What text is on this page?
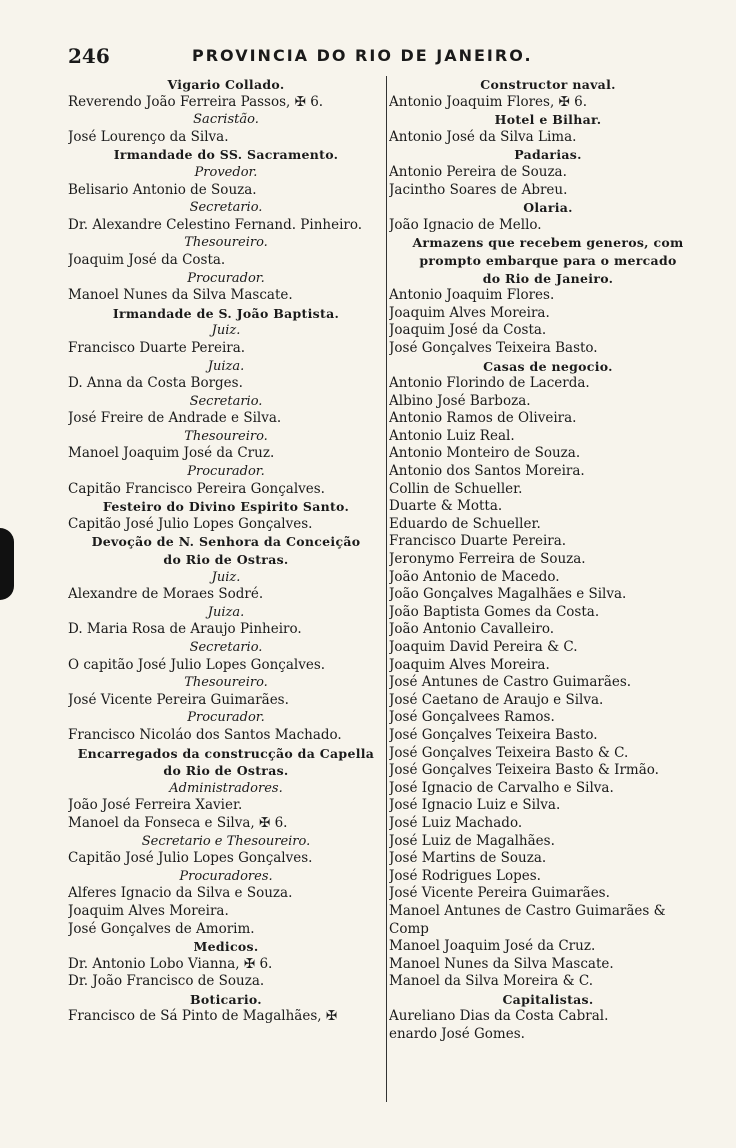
246	PROVINCIA DO RIO DE JANEIRO.
Vigario Collado.
Reverendo João Ferreira Passos, ✠ 6.
Sacristão.
José Lourenço da Silva.
Irmandade do SS. Sacramento.
Provedor.
Belisario Antonio de Souza.
Secretario.
Dr. Alexandre Celestino Fernand. Pinheiro.
Thesoureiro.
Joaquim José da Costa.
Procurador.
Manoel Nunes da Silva Mascate.
Irmandade de S. João Baptista.
Juiz.
Francisco Duarte Pereira.
Juiza.
D. Anna da Costa Borges.
Secretario.
José Freire de Andrade e Silva.
Thesoureiro.
Manoel Joaquim José da Cruz.
Procurador.
Capitão Francisco Pereira Gonçalves.
Festeiro do Divino Espirito Santo.
Capitão José Julio Lopes Gonçalves.
Devoção de N. Senhora da Conceição
do Rio de Ostras.
Juiz.
Alexandre de Moraes Sodré.
Juiza.
D. Maria Rosa de Araujo Pinheiro.
Secretario.
O capitão José Julio Lopes Gonçalves.
Thesoureiro.
José Vicente Pereira Guimarães.
Procurador.
Francisco Nicoláo dos Santos Machado.
Encarregados da construcção da Capella
do Rio de Ostras.
Administradores.
João José Ferreira Xavier.
Manoel da Fonseca e Silva, ✠ 6.
Secretario e Thesoureiro.
Capitão José Julio Lopes Gonçalves.
Procuradores.
Alferes Ignacio da Silva e Souza.
Joaquim Alves Moreira.
José Gonçalves de Amorim.
Medicos.
Dr. Antonio Lobo Vianna, ✠ 6.
Dr. João Francisco de Souza.
Boticario.
Francisco de Sá Pinto de Magalhães, ✠
Constructor naval.
Antonio Joaquim Flores, ✠ 6.
Hotel e Bilhar.
Antonio José da Silva Lima.
Padarias.
Antonio Pereira de Souza.
Jacintho Soares de Abreu.
Olaria.
João Ignacio de Mello.
Armazens que recebem generos, com
prompto embarque para o mercado
do Rio de Janeiro.
Antonio Joaquim Flores.
Joaquim Alves Moreira.
Joaquim José da Costa.
José Gonçalves Teixeira Basto.
Casas de negocio.
Antonio Florindo de Lacerda.
Albino José Barboza.
Antonio Ramos de Oliveira.
Antonio Luiz Real.
Antonio Monteiro de Souza.
Antonio dos Santos Moreira.
Collin de Schueller.
Duarte & Motta.
Eduardo de Schueller.
Francisco Duarte Pereira.
Jeronymo Ferreira de Souza.
João Antonio de Macedo.
João Gonçalves Magalhães e Silva.
João Baptista Gomes da Costa.
João Antonio Cavalleiro.
Joaquim David Pereira & C.
Joaquim Alves Moreira.
José Antunes de Castro Guimarães.
José Caetano de Araujo e Silva.
José Gonçalvees Ramos.
José Gonçalves Teixeira Basto.
José Gonçalves Teixeira Basto & C.
José Gonçalves Teixeira Basto & Irmão.
José Ignacio de Carvalho e Silva.
José Ignacio Luiz e Silva.
José Luiz Machado.
José Luiz de Magalhães.
José Martins de Souza.
José Rodrigues Lopes.
José Vicente Pereira Guimarães.
Manoel Antunes de Castro Guimarães &
Comp
Manoel Joaquim José da Cruz.
Manoel Nunes da Silva Mascate.
Manoel da Silva Moreira & C.
Capitalistas.
Aureliano Dias da Costa Cabral.
enardo José Gomes.
